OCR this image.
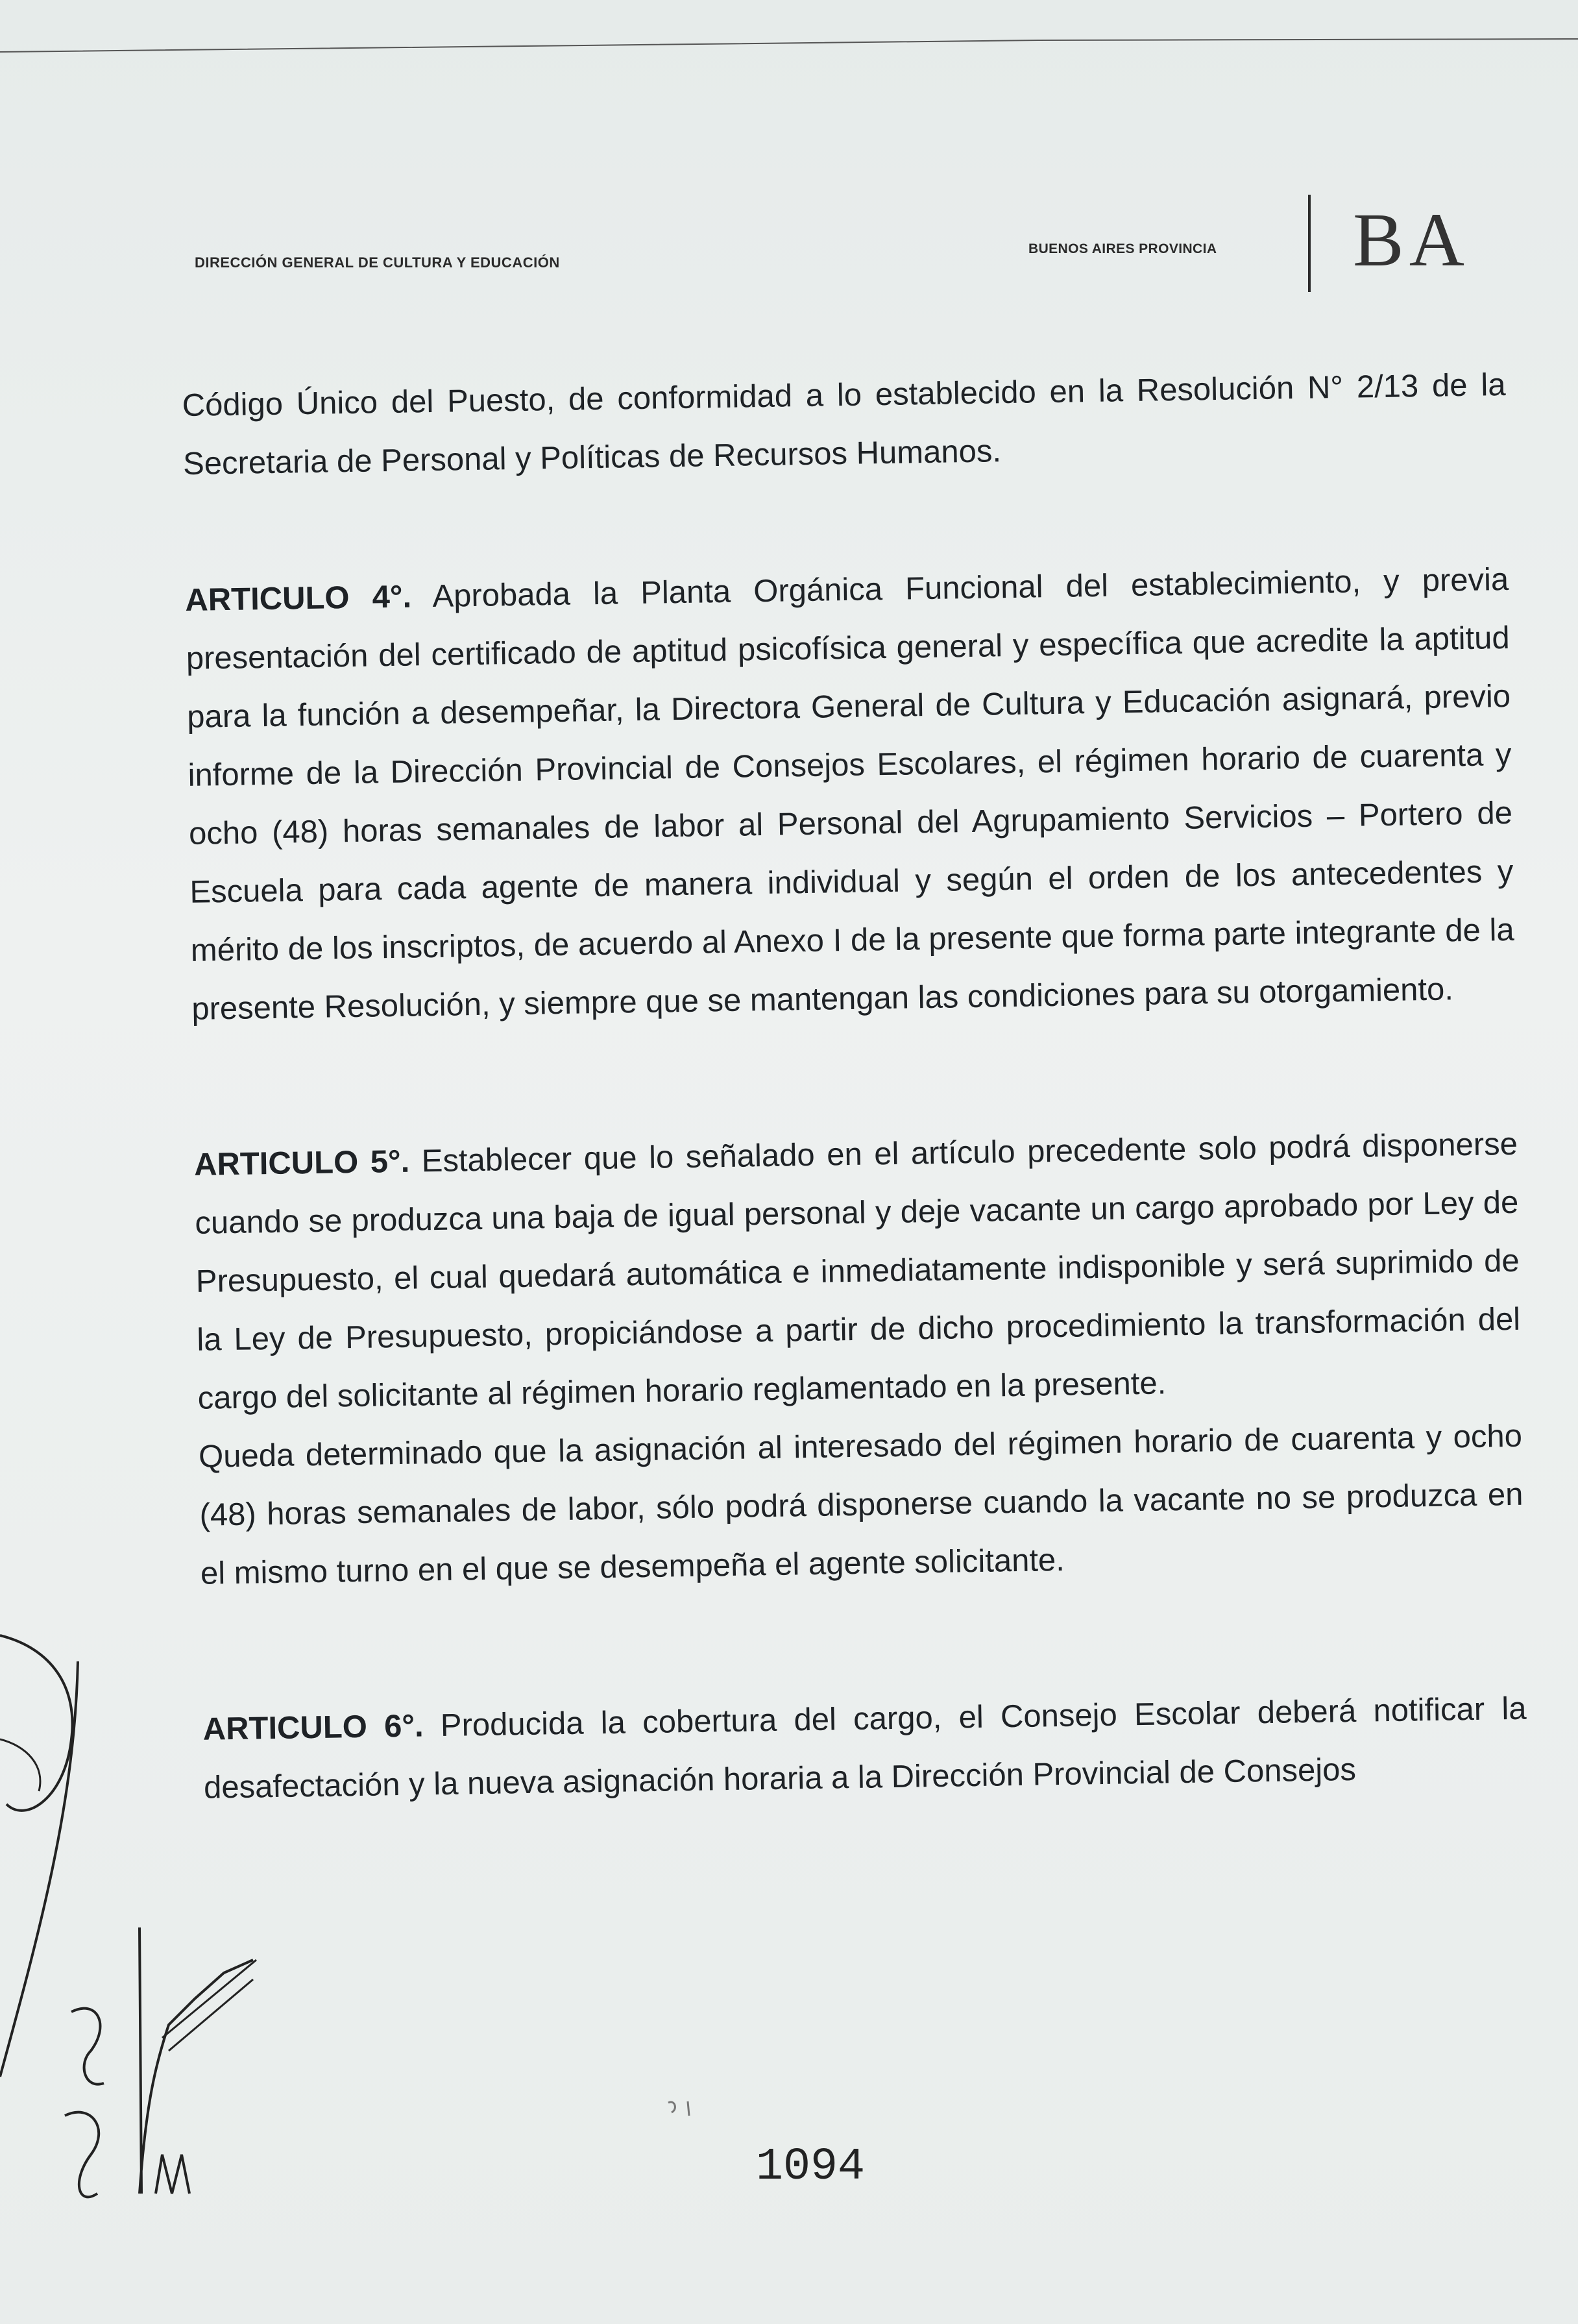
DIRECCIÓN GENERAL DE CULTURA Y EDUCACIÓN
BUENOS AIRES PROVINCIA BA

Código Único del Puesto, de conformidad a lo establecido en la Resolución N° 2/13 de la Secretaria de Personal y Políticas de Recursos Humanos.

ARTICULO 4°. Aprobada la Planta Orgánica Funcional del establecimiento, y previa presentación del certificado de aptitud psicofísica general y específica que acredite la aptitud para la función a desempeñar, la Directora General de Cultura y Educación asignará, previo informe de la Dirección Provincial de Consejos Escolares, el régimen horario de cuarenta y ocho (48) horas semanales de labor al Personal del Agrupamiento Servicios – Portero de Escuela para cada agente de manera individual y según el orden de los antecedentes y mérito de los inscriptos, de acuerdo al Anexo I de la presente que forma parte integrante de la presente Resolución, y siempre que se mantengan las condiciones para su otorgamiento.

ARTICULO 5°. Establecer que lo señalado en el artículo precedente solo podrá disponerse cuando se produzca una baja de igual personal y deje vacante un cargo aprobado por Ley de Presupuesto, el cual quedará automática e inmediatamente indisponible y será suprimido de la Ley de Presupuesto, propiciándose a partir de dicho procedimiento la transformación del cargo del solicitante al régimen horario reglamentado en la presente.

Queda determinado que la asignación al interesado del régimen horario de cuarenta y ocho (48) horas semanales de labor, sólo podrá disponerse cuando la vacante no se produzca en el mismo turno en el que se desempeña el agente solicitante.

ARTICULO 6°. Producida la cobertura del cargo, el Consejo Escolar deberá notificar la desafectación y la nueva asignación horaria a la Dirección Provincial de Consejos

1094
